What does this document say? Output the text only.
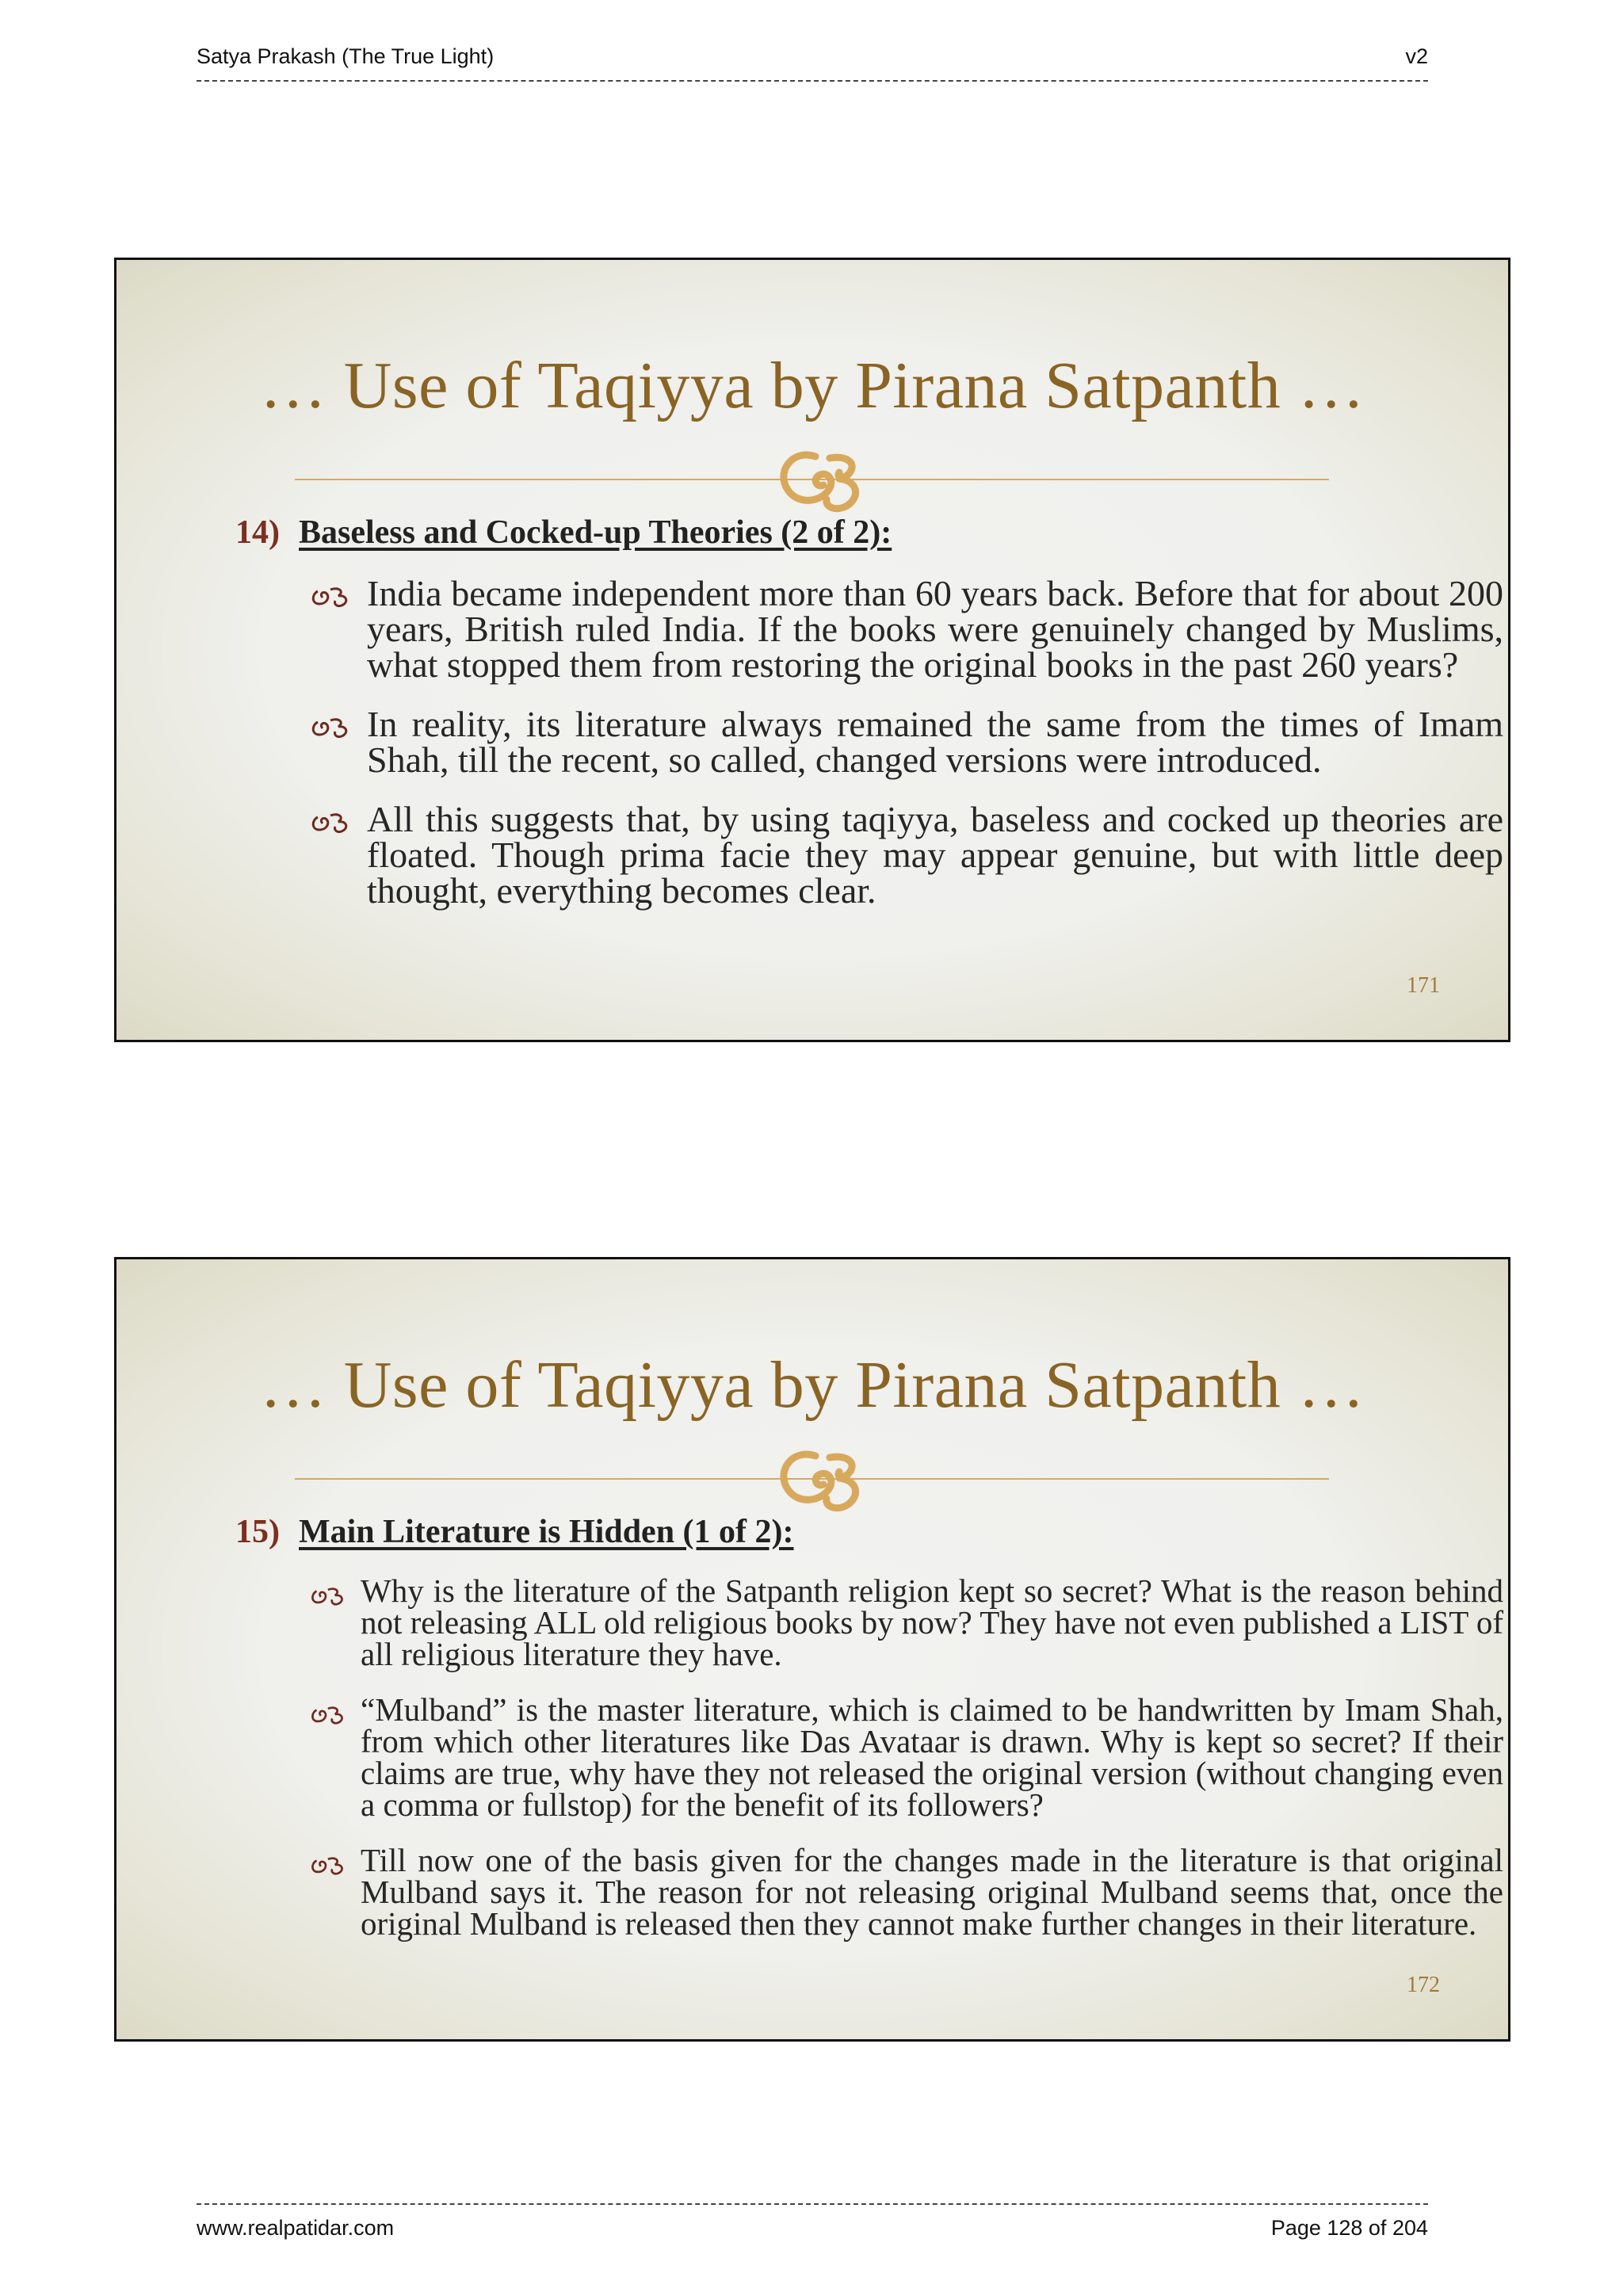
Satya Prakash (The True Light)	v2
… Use of Taqiyya by Pirana Satpanth …
14) Baseless and Cocked-up Theories (2 of 2):
India became independent more than 60 years back. Before that for about 200 years, British ruled India. If the books were genuinely changed by Muslims, what stopped them from restoring the original books in the past 260 years?
In reality, its literature always remained the same from the times of Imam Shah, till the recent, so called, changed versions were introduced.
All this suggests that, by using taqiyya, baseless and cocked up theories are floated. Though prima facie they may appear genuine, but with little deep thought, everything becomes clear.
171
… Use of Taqiyya by Pirana Satpanth …
15) Main Literature is Hidden (1 of 2):
Why is the literature of the Satpanth religion kept so secret? What is the reason behind not releasing ALL old religious books by now? They have not even published a LIST of all religious literature they have.
“Mulband” is the master literature, which is claimed to be handwritten by Imam Shah, from which other literatures like Das Avataar is drawn. Why is kept so secret? If their claims are true, why have they not released the original version (without changing even a comma or fullstop) for the benefit of its followers?
Till now one of the basis given for the changes made in the literature is that original Mulband says it. The reason for not releasing original Mulband seems that, once the original Mulband is released then they cannot make further changes in their literature.
172
www.realpatidar.com	Page 128 of 204
